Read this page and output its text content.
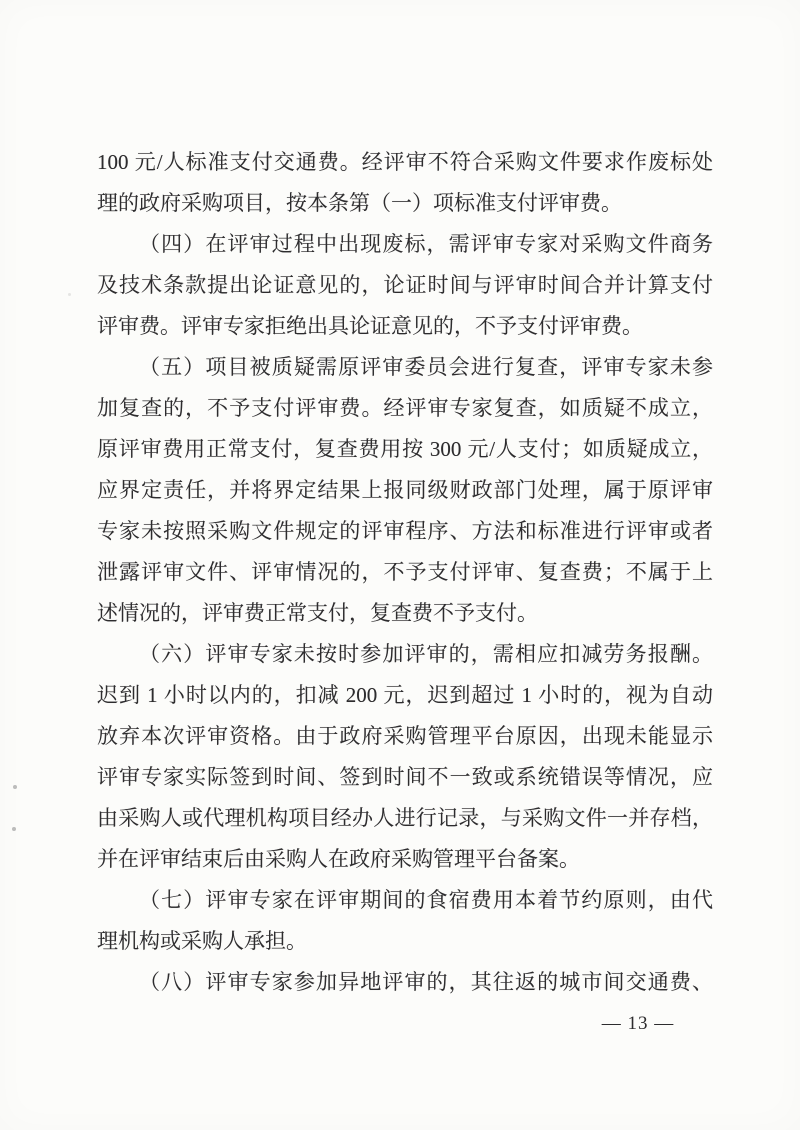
100 元/人标准支付交通费。经评审不符合采购文件要求作废标处
理的政府采购项目，按本条第（一）项标准支付评审费。
（四）在评审过程中出现废标，需评审专家对采购文件商务
及技术条款提出论证意见的，论证时间与评审时间合并计算支付
评审费。评审专家拒绝出具论证意见的，不予支付评审费。
（五）项目被质疑需原评审委员会进行复查，评审专家未参
加复查的，不予支付评审费。经评审专家复查，如质疑不成立，
原评审费用正常支付，复查费用按 300 元/人支付；如质疑成立，
应界定责任，并将界定结果上报同级财政部门处理，属于原评审
专家未按照采购文件规定的评审程序、方法和标准进行评审或者
泄露评审文件、评审情况的，不予支付评审、复查费；不属于上
述情况的，评审费正常支付，复查费不予支付。
（六）评审专家未按时参加评审的，需相应扣减劳务报酬。
迟到 1 小时以内的，扣减 200 元，迟到超过 1 小时的，视为自动
放弃本次评审资格。由于政府采购管理平台原因，出现未能显示
评审专家实际签到时间、签到时间不一致或系统错误等情况，应
由采购人或代理机构项目经办人进行记录，与采购文件一并存档，
并在评审结束后由采购人在政府采购管理平台备案。
（七）评审专家在评审期间的食宿费用本着节约原则，由代
理机构或采购人承担。
（八）评审专家参加异地评审的，其往返的城市间交通费、
— 13 —
